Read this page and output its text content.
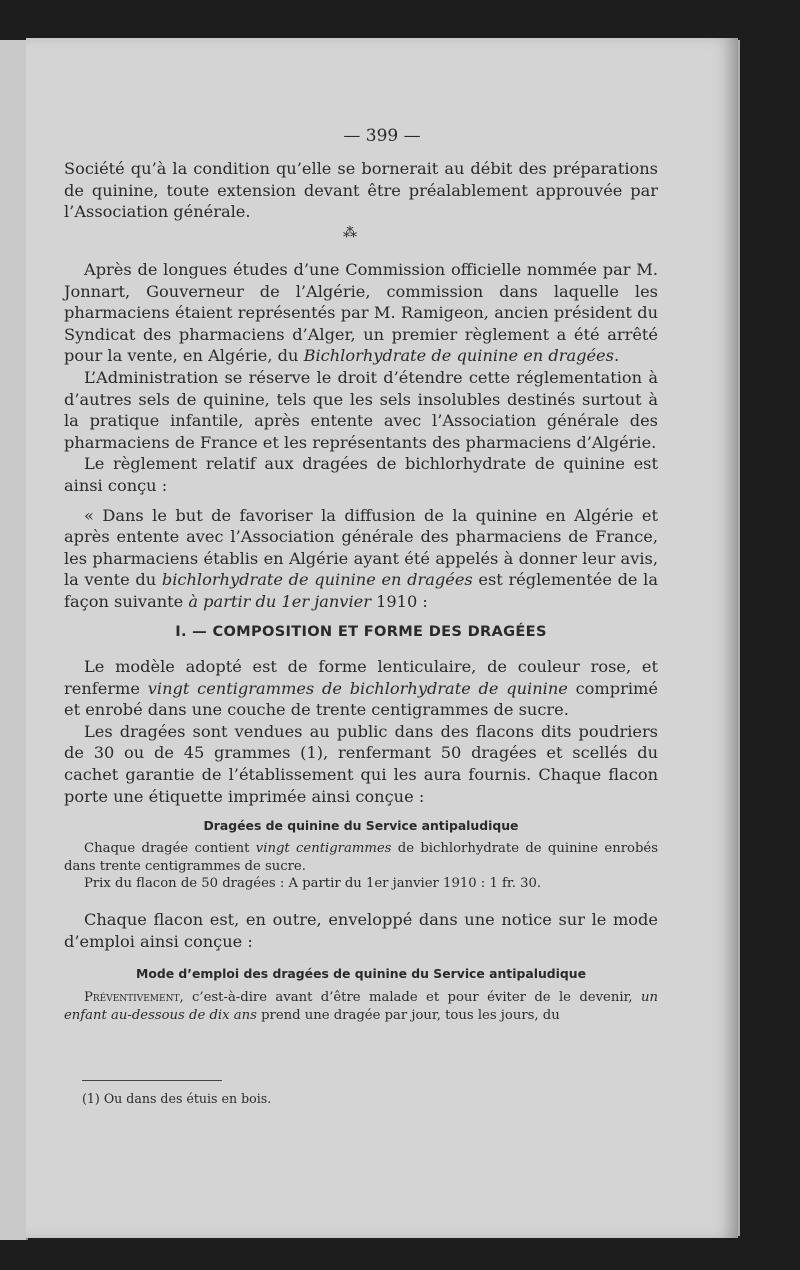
— 399 —

Société qu’à la condition qu’elle se bornerait au débit des préparations de quinine, toute extension devant être préalablement approuvée par l’Association générale.

⁂

Après de longues études d’une Commission officielle nommée par M. Jonnart, Gouverneur de l’Algérie, commission dans laquelle les pharmaciens étaient représentés par M. Ramigeon, ancien président du Syndicat des pharmaciens d’Alger, un premier règlement a été arrêté pour la vente, en Algérie, du Bichlorhydrate de quinine en dragées.

L’Administration se réserve le droit d’étendre cette réglementation à d’autres sels de quinine, tels que les sels insolubles destinés surtout à la pratique infantile, après entente avec l’Association générale des pharmaciens de France et les représentants des pharmaciens d’Algérie.

Le règlement relatif aux dragées de bichlorhydrate de quinine est ainsi conçu :

« Dans le but de favoriser la diffusion de la quinine en Algérie et après entente avec l’Association générale des pharmaciens de France, les pharmaciens établis en Algérie ayant été appelés à donner leur avis, la vente du bichlorhydrate de quinine en dragées est réglementée de la façon suivante à partir du 1er janvier 1910 :

I. — COMPOSITION ET FORME DES DRAGÉES

Le modèle adopté est de forme lenticulaire, de couleur rose, et renferme vingt centigrammes de bichlorhydrate de quinine comprimé et enrobé dans une couche de trente centigrammes de sucre.

Les dragées sont vendues au public dans des flacons dits poudriers de 30 ou de 45 grammes (1), renfermant 50 dragées et scellés du cachet garantie de l’établissement qui les aura fournis. Chaque flacon porte une étiquette imprimée ainsi conçue :

Dragées de quinine du Service antipaludique

Chaque dragée contient vingt centigrammes de bichlorhydrate de quinine enrobés dans trente centigrammes de sucre.

Prix du flacon de 50 dragées : A partir du 1er janvier 1910 : 1 fr. 30.

Chaque flacon est, en outre, enveloppé dans une notice sur le mode d’emploi ainsi conçue :

Mode d’emploi des dragées de quinine du Service antipaludique

Préventivement, c’est-à-dire avant d’être malade et pour éviter de le devenir, un enfant au-dessous de dix ans prend une dragée par jour, tous les jours, du

(1) Ou dans des étuis en bois.
